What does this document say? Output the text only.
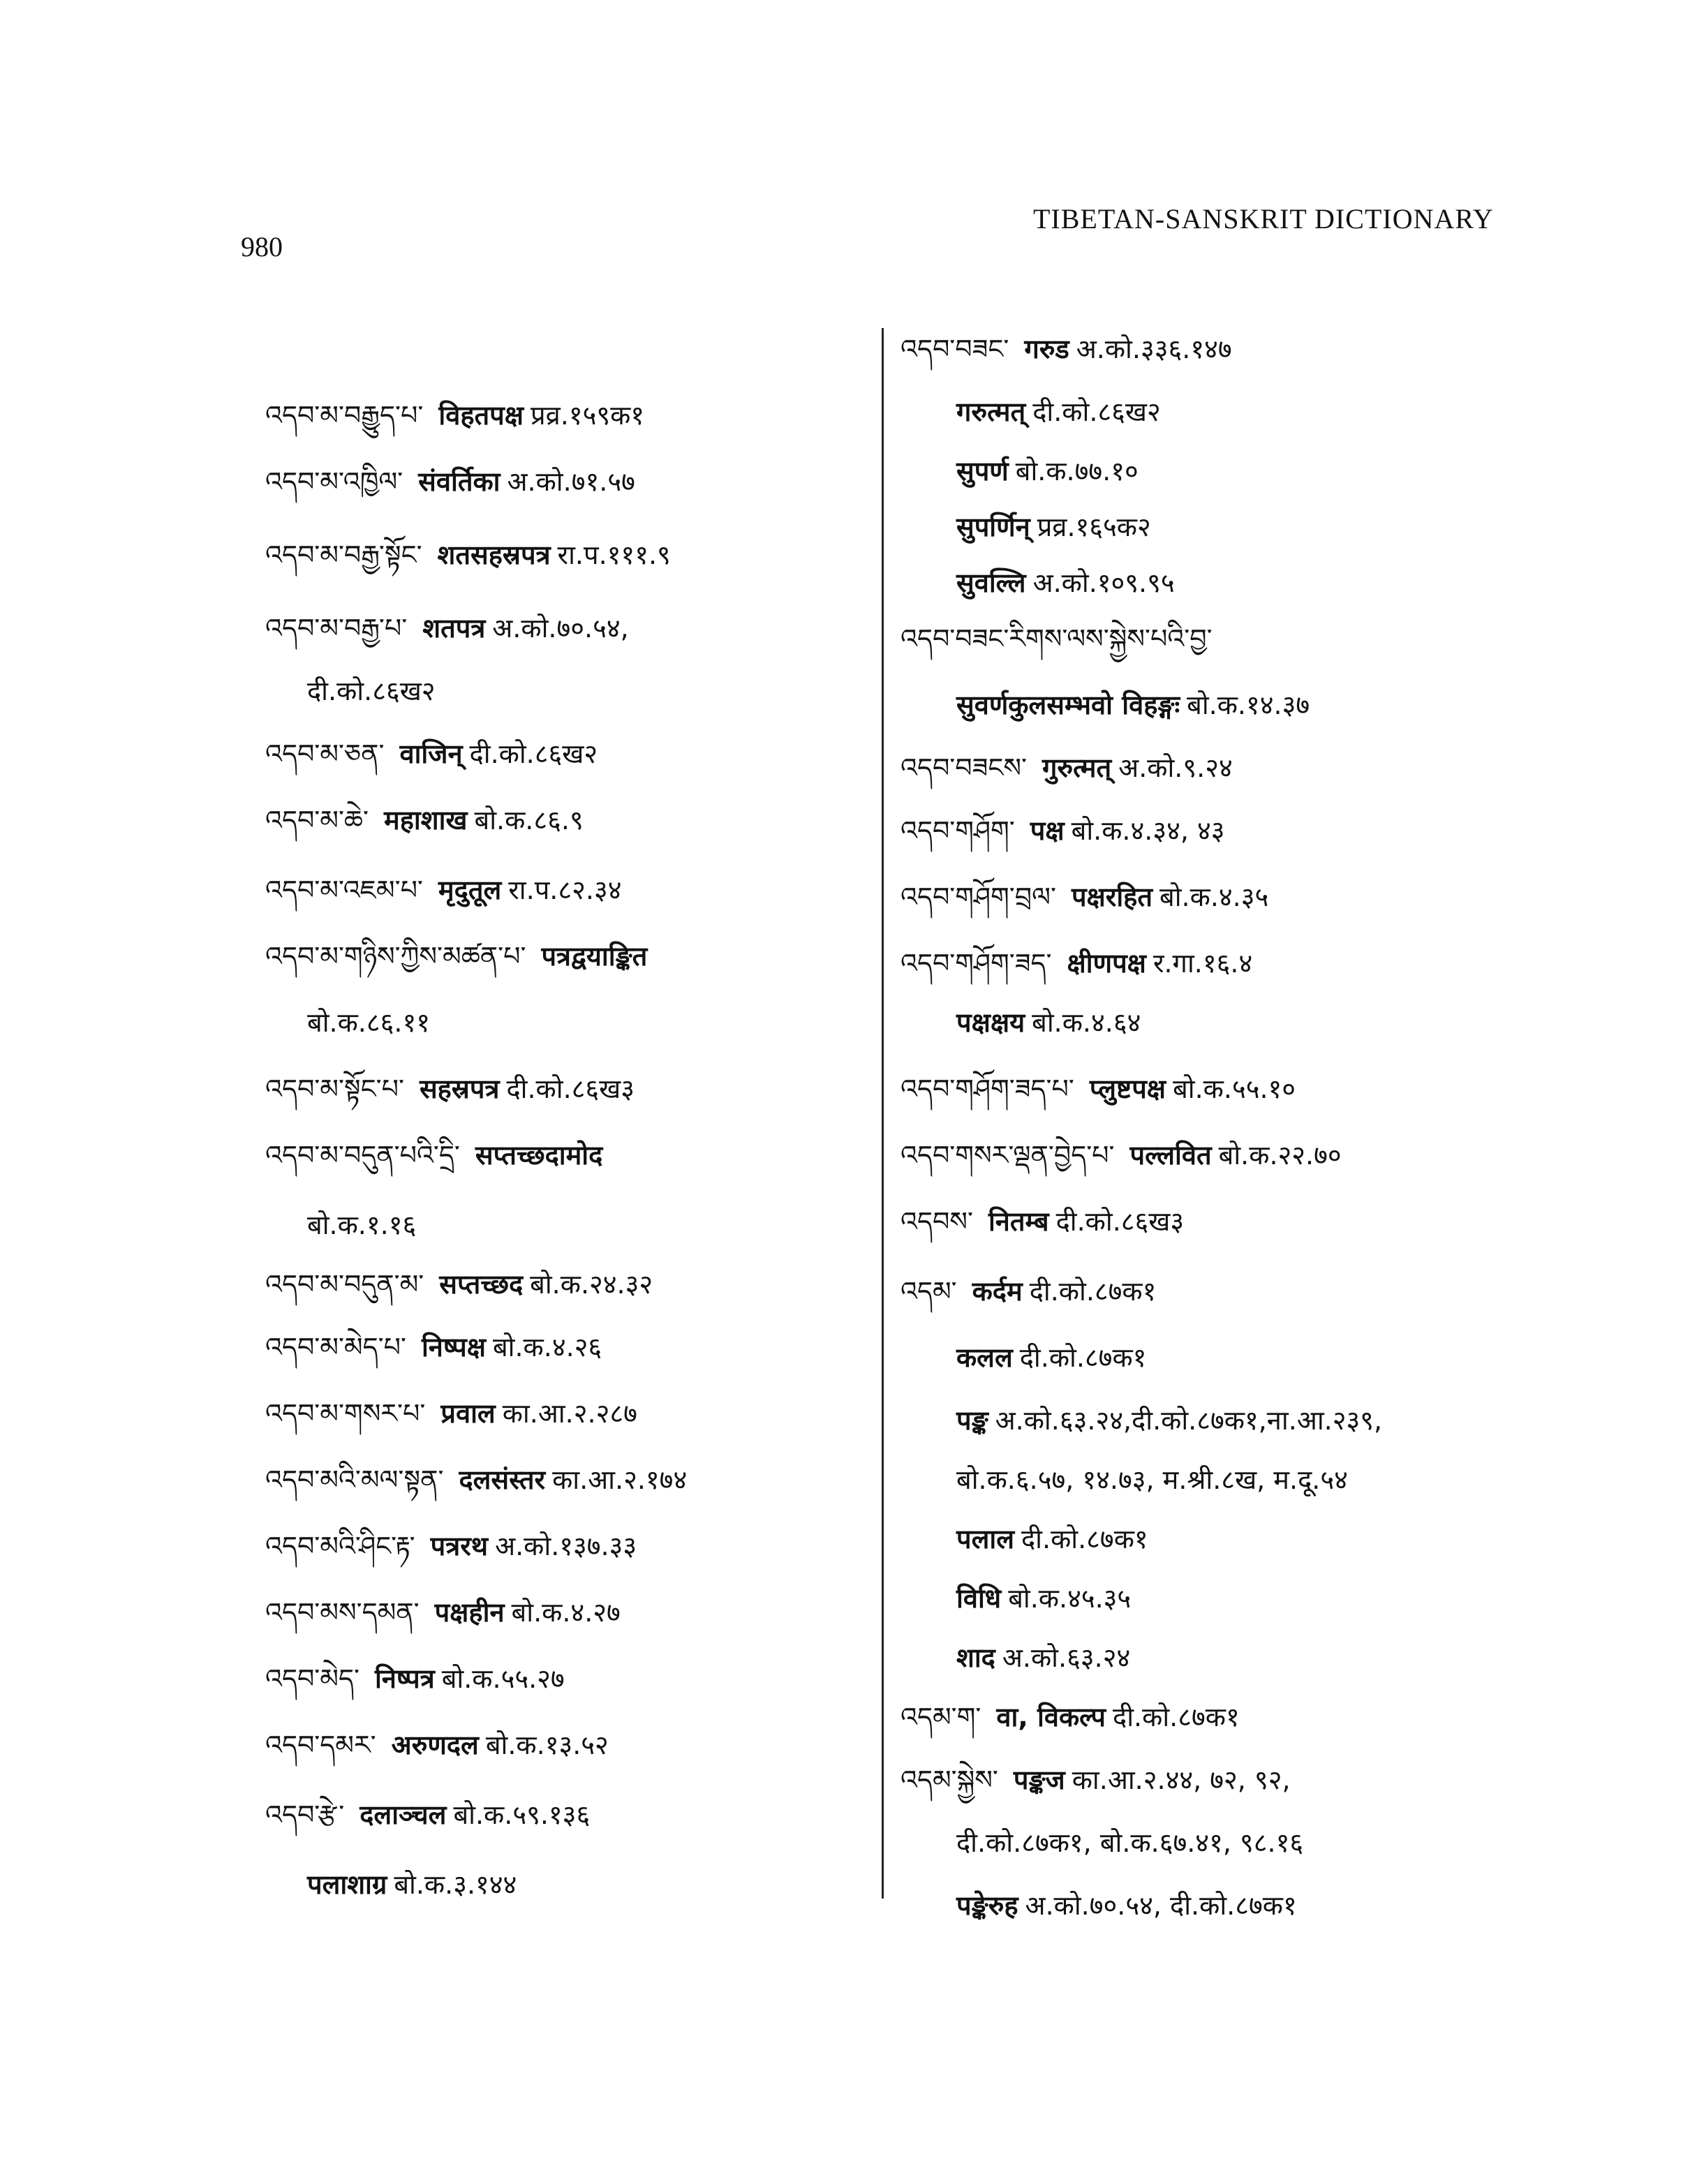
980
TIBETAN-SANSKRIT DICTIONARY
འདབ་མ་བརྒྱུད་པ་ विहतपक्ष प्रव्र.१५९क१
འདབ་མ་འཁྱིལ་ संवर्तिका अ.को.७१.५७
འདབ་མ་བརྒྱ་སྟོང་ शतसहस्रपत्र रा.प.१११.९
འདབ་མ་བརྒྱ་པ་ शतपत्र अ.को.७०.५४,
दी.को.८६ख२
འདབ་མ་ཅན་ वाजिन् दी.को.८६ख२
འདབ་མ་ཆེ་ महाशाख बो.क.८६.९
འདབ་མ་འཇམ་པ་ मृदुतूल रा.प.८२.३४
འདབ་མ་གཉིས་ཀྱིས་མཚན་པ་ पत्रद्वयाङ्कित
बो.क.८६.११
འདབ་མ་སྟོང་པ་ सहस्रपत्र दी.को.८६ख३
འདབ་མ་བདུན་པའི་དྲི་ सप्तच्छदामोद
बो.क.१.१६
འདབ་མ་བདུན་མ་ सप्तच्छद बो.क.२४.३२
འདབ་མ་མེད་པ་ निष्पक्ष बो.क.४.२६
འདབ་མ་གསར་པ་ प्रवाल का.आ.२.२८७
འདབ་མའི་མལ་སྟན་ दलसंस्तर का.आ.२.१७४
འདབ་མའི་ཤིང་རྟ་ पत्ररथ अ.को.१३७.३३
འདབ་མས་དམན་ पक्षहीन बो.क.४.२७
འདབ་མེད་ निष्पत्र बो.क.५५.२७
འདབ་དམར་ अरुणदल बो.क.१३.५२
འདབ་རྩེ་ दलाञ्चल बो.क.५९.१३६
पलाशाग्र बो.क.३.१४४
འདབ་བཟང་ गरुड अ.को.३३६.१४७
गरुत्मत् दी.को.८६ख२
सुपर्ण बो.क.७७.१०
सुपर्णिन् प्रव्र.१६५क२
सुवल्लि अ.को.१०९.९५
འདབ་བཟང་རིགས་ལས་སྐྱེས་པའི་བྱ་
सुवर्णकुलसम्भवो विहङ्गः बो.क.१४.३७
འདབ་བཟངས་ गुरुत्मत् अ.को.९.२४
འདབ་གཤོག་ पक्ष बो.क.४.३४, ४३
འདབ་གཤོག་བྲལ་ पक्षरहित बो.क.४.३५
འདབ་གཤོག་ཟད་ क्षीणपक्ष र.गा.१६.४
पक्षक्षय बो.क.४.६४
འདབ་གཤོག་ཟད་པ་ प्लुष्टपक्ष बो.क.५५.१०
འདབ་གསར་ལྡན་བྱེད་པ་ पल्लवित बो.क.२२.७०
འདབས་ नितम्ब दी.को.८६ख३
འདམ་ कर्दम दी.को.८७क१
कलल दी.को.८७क१
पङ्क अ.को.६३.२४,दी.को.८७क१,ना.आ.२३९,
बो.क.६.५७, १४.७३, म.श्री.८ख, म.दू.५४
पलाल दी.को.८७क१
विधि बो.क.४५.३५
शाद अ.को.६३.२४
འདམ་ག་ वा, विकल्प दी.को.८७क१
འདམ་སྐྱེས་ पङ्कज का.आ.२.४४, ७२, ९२,
दी.को.८७क१, बो.क.६७.४१, ९८.१६
पङ्केरुह अ.को.७०.५४, दी.को.८७क१
